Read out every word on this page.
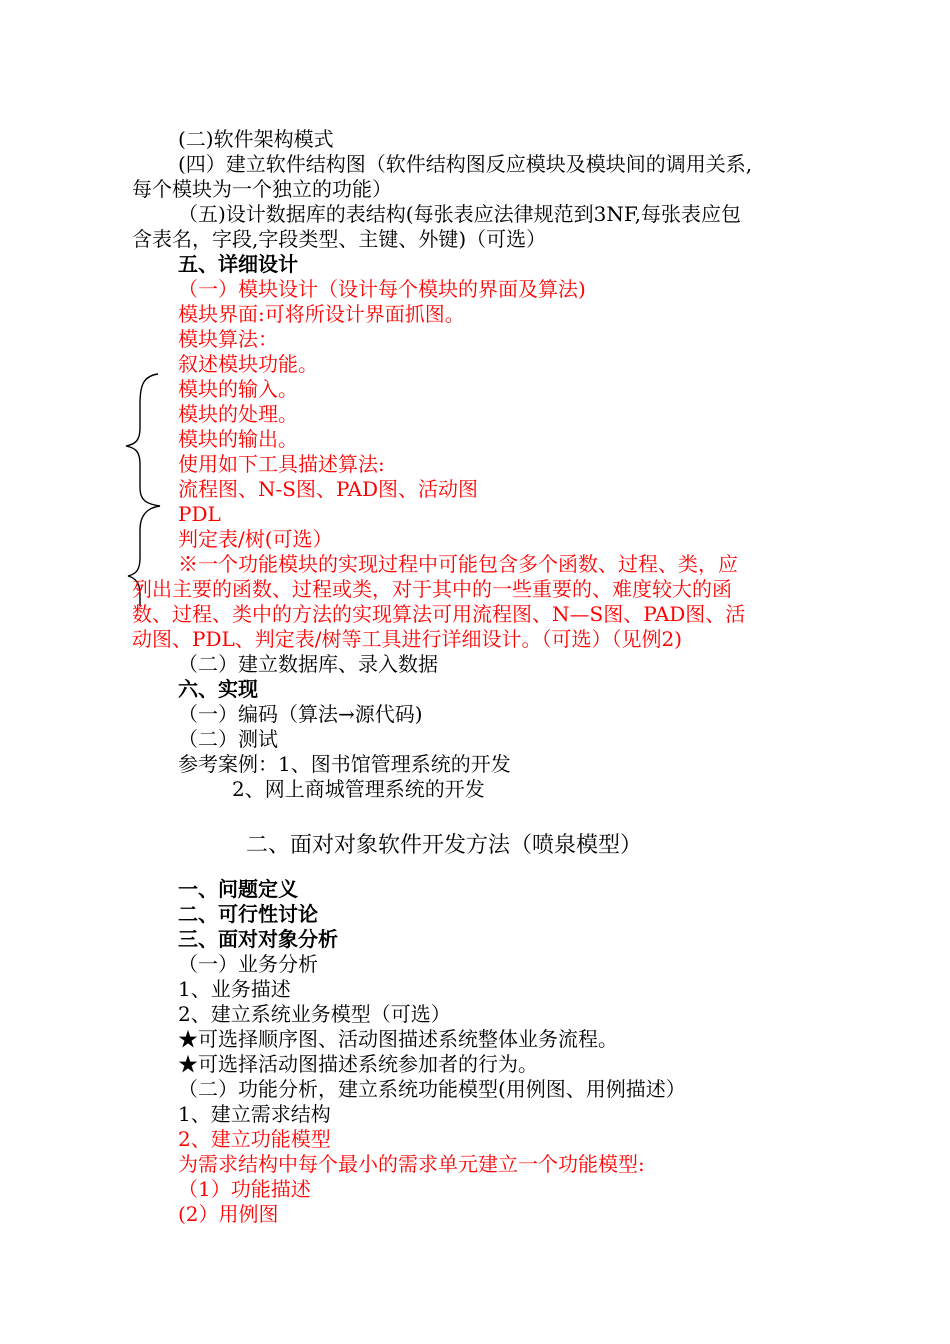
(二)软件架构模式
(四）建立软件结构图（软件结构图反应模块及模块间的调用关系,
每个模块为一个独立的功能）
（五)设计数据库的表结构(每张表应法律规范到3NF,每张表应包
含表名，字段,字段类型、主键、外键)（可选）
五、详细设计
（一）模块设计（设计每个模块的界面及算法)
模块界面:可将所设计界面抓图。
模块算法：
叙述模块功能。
模块的输入。
模块的处理。
模块的输出。
使用如下工具描述算法:
流程图、N-S图、PAD图、活动图
PDL
判定表/树(可选）
※一个功能模块的实现过程中可能包含多个函数、过程、类，应
列出主要的函数、过程或类，对于其中的一些重要的、难度较大的函
数、过程、类中的方法的实现算法可用流程图、N—S图、PAD图、活
动图、PDL、判定表/树等工具进行详细设计。（可选）（见例2)
（二）建立数据库、录入数据
六、实现
（一）编码（算法→源代码)
（二）测试
参考案例：1、图书馆管理系统的开发
2、网上商城管理系统的开发
二、面对对象软件开发方法（喷泉模型）
一、问题定义
二、可行性讨论
三、面对对象分析
（一）业务分析
1、业务描述
2、建立系统业务模型（可选）
★可选择顺序图、活动图描述系统整体业务流程。
★可选择活动图描述系统参加者的行为。
（二）功能分析，建立系统功能模型(用例图、用例描述）
1、建立需求结构
2、建立功能模型
为需求结构中每个最小的需求单元建立一个功能模型:
（1）功能描述
(2）用例图
